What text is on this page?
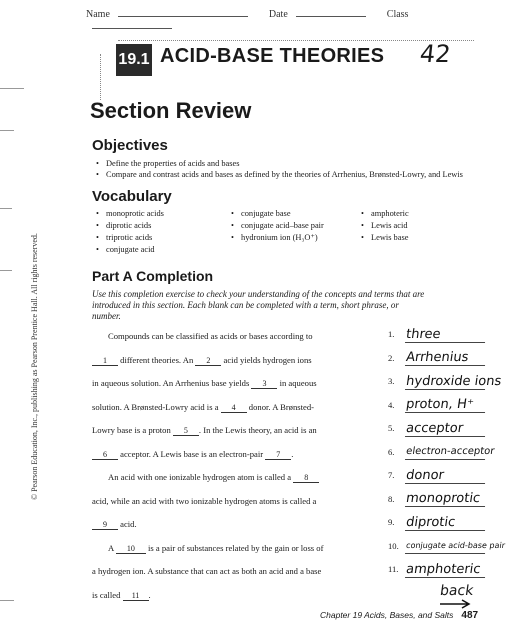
Name	Date	Class
19.1 ACID-BASE THEORIES 42
Section Review
Objectives
• Define the properties of acids and bases
• Compare and contrast acids and bases as defined by the theories of Arrhenius, Brønsted-Lowry, and Lewis
Vocabulary
• monoprotic acids
• diprotic acids
• triprotic acids
• conjugate acid
• conjugate base
• conjugate acid–base pair
• hydronium ion (H₃O⁺)
• amphoteric
• Lewis acid
• Lewis base
Part A Completion
Use this completion exercise to check your understanding of the concepts and terms that are introduced in this section. Each blank can be completed with a term, short phrase, or number.
Compounds can be classified as acids or bases according to
1 different theories. An 2 acid yields hydrogen ions
in aqueous solution. An Arrhenius base yields 3 in aqueous
solution. A Brønsted-Lowry acid is a 4 donor. A Brønsted-
Lowry base is a proton 5 . In the Lewis theory, an acid is an
6 acceptor. A Lewis base is an electron-pair 7 .
An acid with one ionizable hydrogen atom is called a 8
acid, while an acid with two ionizable hydrogen atoms is called a
9 acid.
A 10 is a pair of substances related by the gain or loss of
a hydrogen ion. A substance that can act as both an acid and a base
is called 11 .
1. three
2. Arrhenius
3. hydroxide ions
4. proton, H⁺
5. acceptor
6. electron-acceptor
7. donor
8. monoprotic
9. diprotic
10. conjugate acid-base pair
11. amphoteric
back
Chapter 19 Acids, Bases, and Salts 487
© Pearson Education, Inc., publishing as Pearson Prentice Hall. All rights reserved.
